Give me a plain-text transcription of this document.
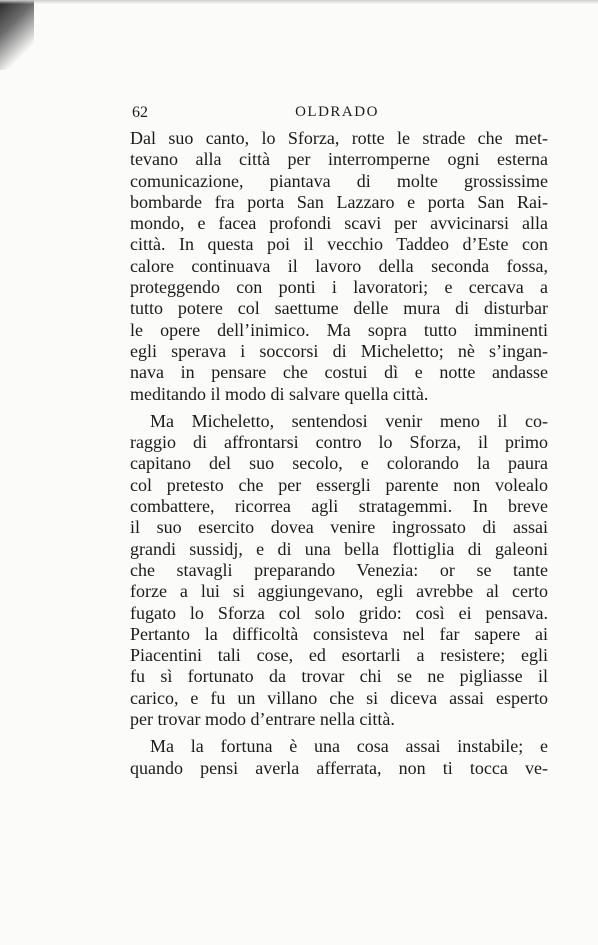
62	OLDRADO
Dal suo canto, lo Sforza, rotte le strade che met-
tevano alla città per interromperne ogni esterna
comunicazione, piantava di molte grossissime
bombarde fra porta San Lazzaro e porta San Rai-
mondo, e facea profondi scavi per avvicinarsi alla
città. In questa poi il vecchio Taddeo d’Este con
calore continuava il lavoro della seconda fossa,
proteggendo con ponti i lavoratori; e cercava a
tutto potere col saettume delle mura di disturbar
le opere dell’inimico. Ma sopra tutto imminenti
egli sperava i soccorsi di Micheletto; nè s’ingan-
nava in pensare che costui dì e notte andasse
meditando il modo di salvare quella città.
Ma Micheletto, sentendosi venir meno il co-
raggio di affrontarsi contro lo Sforza, il primo
capitano del suo secolo, e colorando la paura
col pretesto che per essergli parente non volealo
combattere, ricorrea agli stratagemmi. In breve
il suo esercito dovea venire ingrossato di assai
grandi sussidj, e di una bella flottiglia di galeoni
che stavagli preparando Venezia: or se tante
forze a lui si aggiungevano, egli avrebbe al certo
fugato lo Sforza col solo grido: così ei pensava.
Pertanto la difficoltà consisteva nel far sapere ai
Piacentini tali cose, ed esortarli a resistere; egli
fu sì fortunato da trovar chi se ne pigliasse il
carico, e fu un villano che si diceva assai esperto
per trovar modo d’entrare nella città.
Ma la fortuna è una cosa assai instabile; e
quando pensi averla afferrata, non ti tocca ve-
